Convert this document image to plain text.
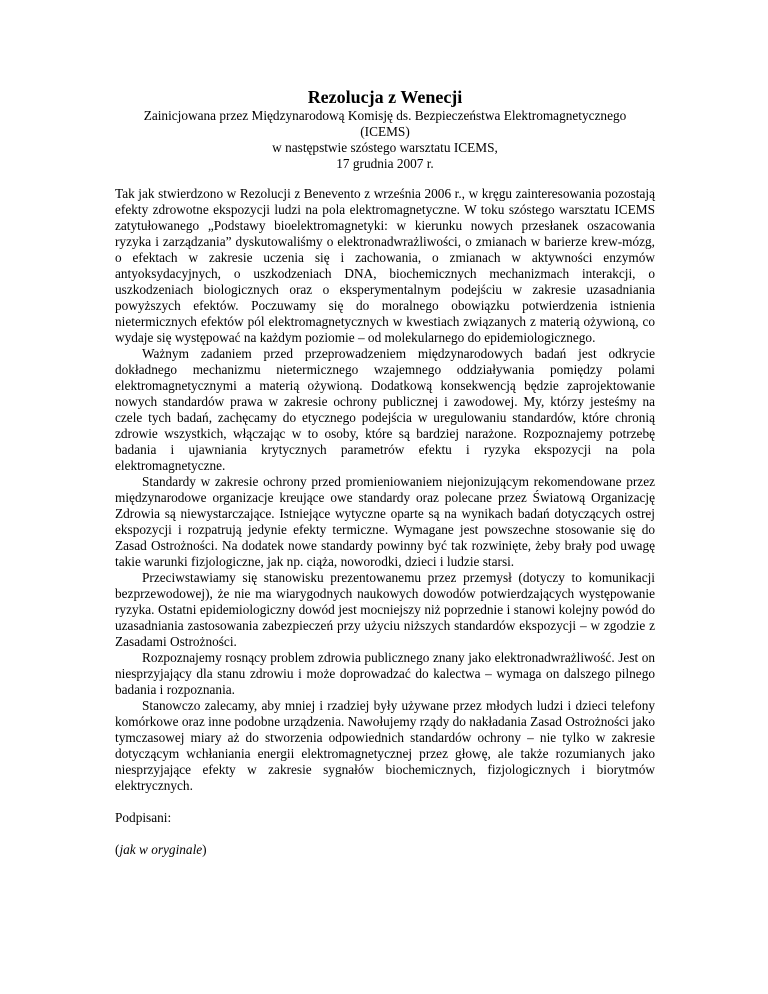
Rezolucja z Wenecji

Zainicjowana przez Międzynarodową Komisję ds. Bezpieczeństwa Elektromagnetycznego

(ICEMS)

w następstwie szóstego warsztatu ICEMS,

17 grudnia 2007 r.

Tak jak stwierdzono w Rezolucji z Benevento z września 2006 r., w kręgu zainteresowania pozostają efekty zdrowotne ekspozycji ludzi na pola elektromagnetyczne. W toku szóstego warsztatu ICEMS zatytułowanego „Podstawy bioelektromagnetyki: w kierunku nowych przesłanek oszacowania ryzyka i zarządzania” dyskutowaliśmy o elektronadwrażliwości, o zmianach w barierze krew-mózg, o efektach w zakresie uczenia się i zachowania, o zmianach w aktywności enzymów antyoksydacyjnych, o uszkodzeniach DNA, biochemicznych mechanizmach interakcji, o uszkodzeniach biologicznych oraz o eksperymentalnym podejściu w zakresie uzasadniania powyższych efektów. Poczuwamy się do moralnego obowiązku potwierdzenia istnienia nietermicznych efektów pól elektromagnetycznych w kwestiach związanych z materią ożywioną, co wydaje się występować na każdym poziomie – od molekularnego do epidemiologicznego.

Ważnym zadaniem przed przeprowadzeniem międzynarodowych badań jest odkrycie dokładnego mechanizmu nietermicznego wzajemnego oddziaływania pomiędzy polami elektromagnetycznymi a materią ożywioną. Dodatkową konsekwencją będzie zaprojektowanie nowych standardów prawa w zakresie ochrony publicznej i zawodowej. My, którzy jesteśmy na czele tych badań, zachęcamy do etycznego podejścia w uregulowaniu standardów, które chronią zdrowie wszystkich, włączając w to osoby, które są bardziej narażone. Rozpoznajemy potrzebę badania i ujawniania krytycznych parametrów efektu i ryzyka ekspozycji na pola elektromagnetyczne.

Standardy w zakresie ochrony przed promieniowaniem niejonizującym rekomendowane przez międzynarodowe organizacje kreujące owe standardy oraz polecane przez Światową Organizację Zdrowia są niewystarczające. Istniejące wytyczne oparte są na wynikach badań dotyczących ostrej ekspozycji i rozpatrują jedynie efekty termiczne. Wymagane jest powszechne stosowanie się do Zasad Ostrożności. Na dodatek nowe standardy powinny być tak rozwinięte, żeby brały pod uwagę takie warunki fizjologiczne, jak np. ciąża, noworodki, dzieci i ludzie starsi.

Przeciwstawiamy się stanowisku prezentowanemu przez przemysł (dotyczy to komunikacji bezprzewodowej), że nie ma wiarygodnych naukowych dowodów potwierdzających występowanie ryzyka. Ostatni epidemiologiczny dowód jest mocniejszy niż poprzednie i stanowi kolejny powód do uzasadniania zastosowania zabezpieczeń przy użyciu niższych standardów ekspozycji – w zgodzie z Zasadami Ostrożności.

Rozpoznajemy rosnący problem zdrowia publicznego znany jako elektronadwrażliwość. Jest on niesprzyjający dla stanu zdrowiu i może doprowadzać do kalectwa – wymaga on dalszego pilnego badania i rozpoznania.

Stanowczo zalecamy, aby mniej i rzadziej były używane przez młodych ludzi i dzieci telefony komórkowe oraz inne podobne urządzenia. Nawołujemy rządy do nakładania Zasad Ostrożności jako tymczasowej miary aż do stworzenia odpowiednich standardów ochrony – nie tylko w zakresie dotyczącym wchłaniania energii elektromagnetycznej przez głowę, ale także rozumianych jako niesprzyjające efekty w zakresie sygnałów biochemicznych, fizjologicznych i biorytmów elektrycznych.

Podpisani:

(jak w oryginale)
